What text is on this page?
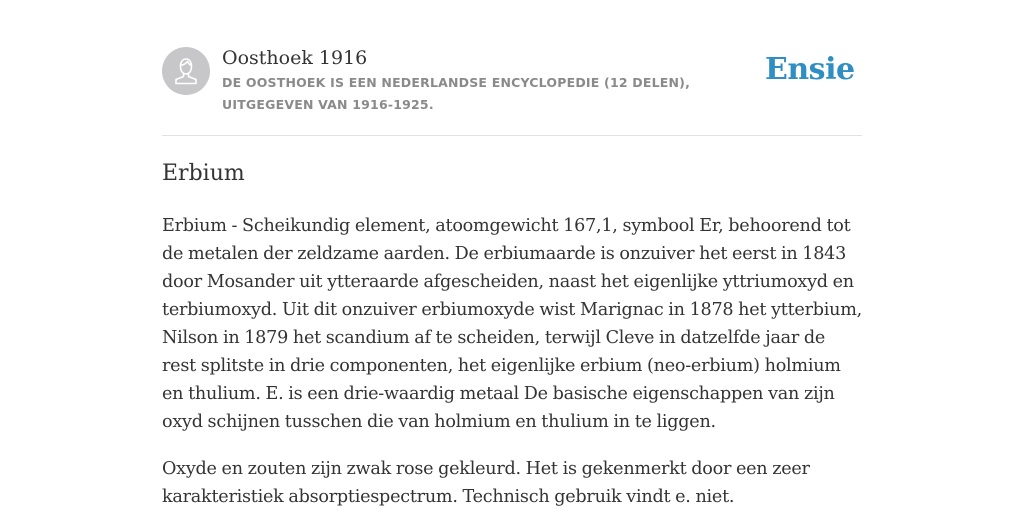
Oosthoek 1916
DE OOSTHOEK IS EEN NEDERLANDSE ENCYCLOPEDIE (12 DELEN), UITGEGEVEN VAN 1916-1925.
Ensie
Erbium

Erbium - Scheikundig element, atoomgewicht 167,1, symbool Er, behoorend tot de metalen der zeldzame aarden. De erbiumaarde is onzuiver het eerst in 1843 door Mosander uit ytteraarde afgescheiden, naast het eigenlijke yttriumoxyd en terbiumoxyd. Uit dit onzuiver erbiumoxyde wist Marignac in 1878 het ytterbium, Nilson in 1879 het scandium af te scheiden, terwijl Cleve in datzelfde jaar de rest splitste in drie componenten, het eigenlijke erbium (neo-erbium) holmium en thulium. E. is een drie-waardig metaal De basische eigenschappen van zijn oxyd schijnen tusschen die van holmium en thulium in te liggen.

Oxyde en zouten zijn zwak rose gekleurd. Het is gekenmerkt door een zeer karakteristiek absorptiespectrum. Technisch gebruik vindt e. niet.
